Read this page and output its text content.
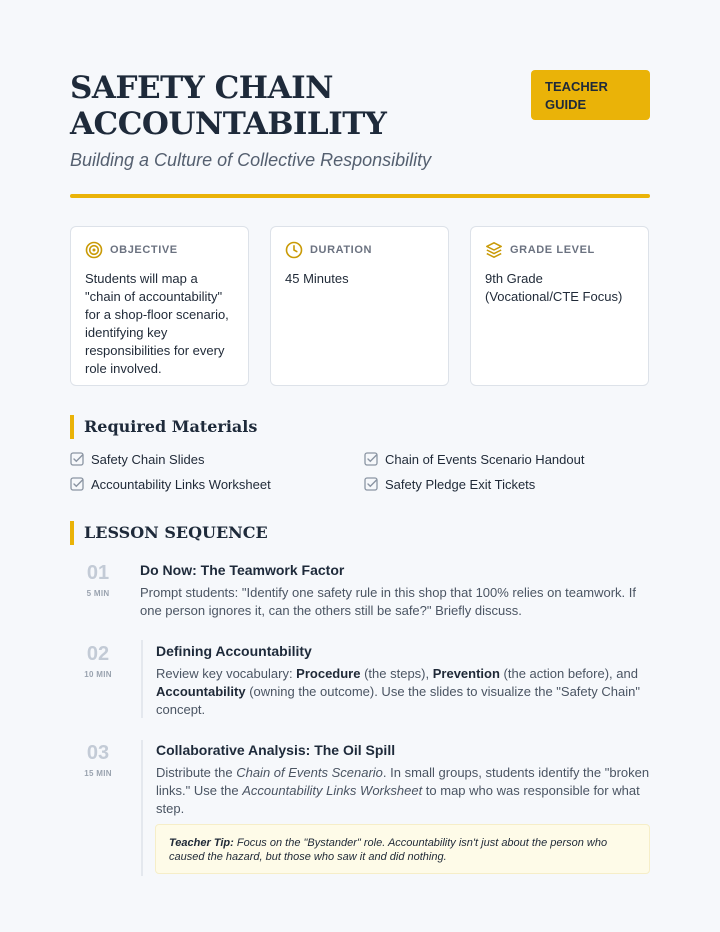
SAFETY CHAIN
ACCOUNTABILITY
Building a Culture of Collective Responsibility
TEACHER
GUIDE
OBJECTIVE
Students will map a "chain of accountability" for a shop-floor scenario, identifying key responsibilities for every role involved.
DURATION
45 Minutes
GRADE LEVEL
9th Grade (Vocational/CTE Focus)
Required Materials
Safety Chain Slides	Chain of Events Scenario Handout
Accountability Links Worksheet	Safety Pledge Exit Tickets
LESSON SEQUENCE
01
5 MIN
Do Now: The Teamwork Factor
Prompt students: "Identify one safety rule in this shop that 100% relies on teamwork. If one person ignores it, can the others still be safe?" Briefly discuss.
02
10 MIN
Defining Accountability
Review key vocabulary: Procedure (the steps), Prevention (the action before), and Accountability (owning the outcome). Use the slides to visualize the "Safety Chain" concept.
03
15 MIN
Collaborative Analysis: The Oil Spill
Distribute the Chain of Events Scenario. In small groups, students identify the "broken links." Use the Accountability Links Worksheet to map who was responsible for what step.
Teacher Tip: Focus on the "Bystander" role. Accountability isn't just about the person who caused the hazard, but those who saw it and did nothing.
